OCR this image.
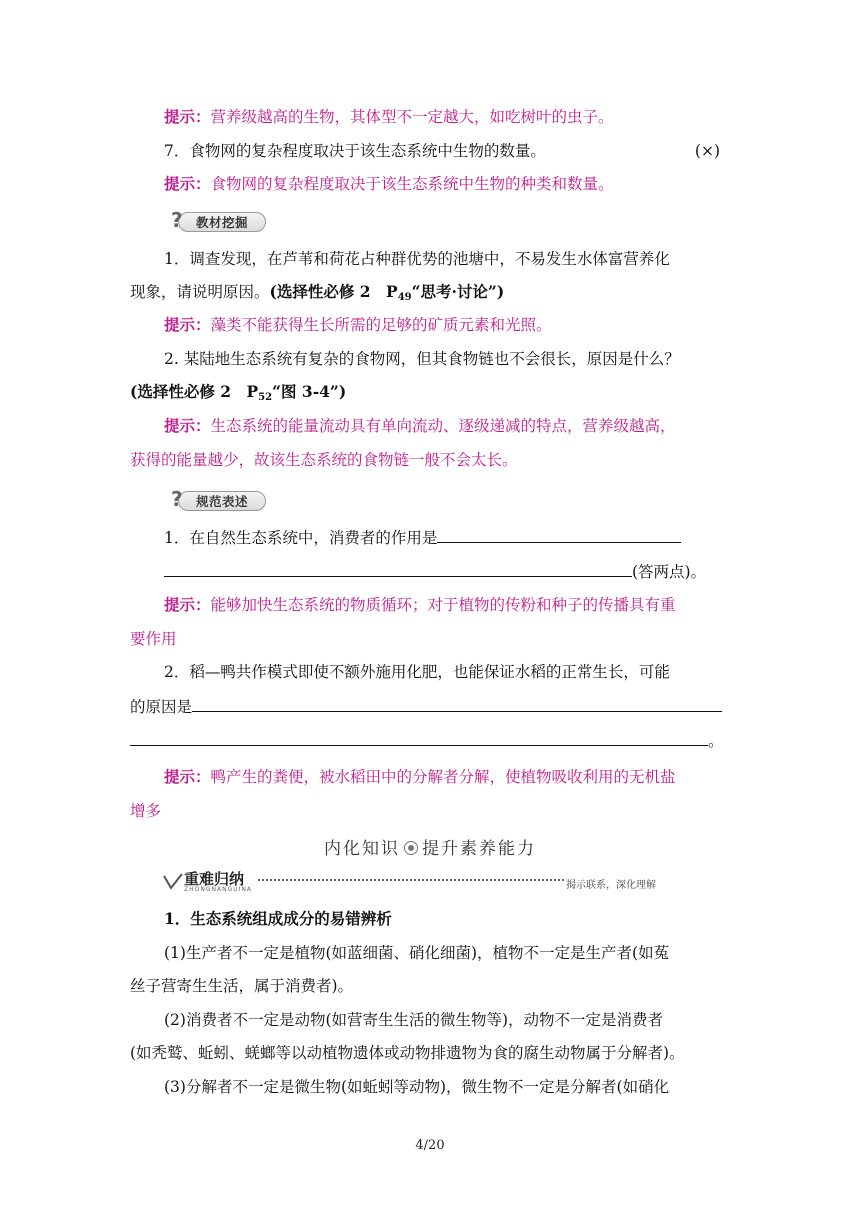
提示：营养级越高的生物，其体型不一定越大，如吃树叶的虫子。
7．食物网的复杂程度取决于该生态系统中生物的数量。	(×)
提示：食物网的复杂程度取决于该生态系统中生物的种类和数量。
? 教材挖掘
1．调查发现，在芦苇和荷花占种群优势的池塘中，不易发生水体富营养化
现象，请说明原因。(选择性必修 2　$P_{49}“$思考·讨论”)
提示：藻类不能获得生长所需的足够的矿质元素和光照。
2. 某陆地生态系统有复杂的食物网，但其食物链也不会很长，原因是什么？
(选择性必修 2　$P_{52}“$图 3-4”)
提示：生态系统的能量流动具有单向流动、逐级递减的特点，营养级越高，
获得的能量越少，故该生态系统的食物链一般不会太长。
? 规范表述
1．在自然生态系统中，消费者的作用是
(答两点)。
提示：能够加快生态系统的物质循环；对于植物的传粉和种子的传播具有重
要作用
2．稻—鸭共作模式即使不额外施用化肥，也能保证水稻的正常生长，可能
的原因是
。
提示：鸭产生的粪便，被水稻田中的分解者分解，使植物吸收利用的无机盐
增多
内化知识 提升素养能力
重难归纳
ZHONGNANGUINA	揭示联系，深化理解
1．生态系统组成成分的易错辨析
(1)生产者不一定是植物(如蓝细菌、硝化细菌)，植物不一定是生产者(如菟
丝子营寄生生活，属于消费者)。
(2)消费者不一定是动物(如营寄生生活的微生物等)，动物不一定是消费者
(如秃鹫、蚯蚓、蜣螂等以动植物遗体或动物排遗物为食的腐生动物属于分解者)。
(3)分解者不一定是微生物(如蚯蚓等动物)，微生物不一定是分解者(如硝化
4/20
